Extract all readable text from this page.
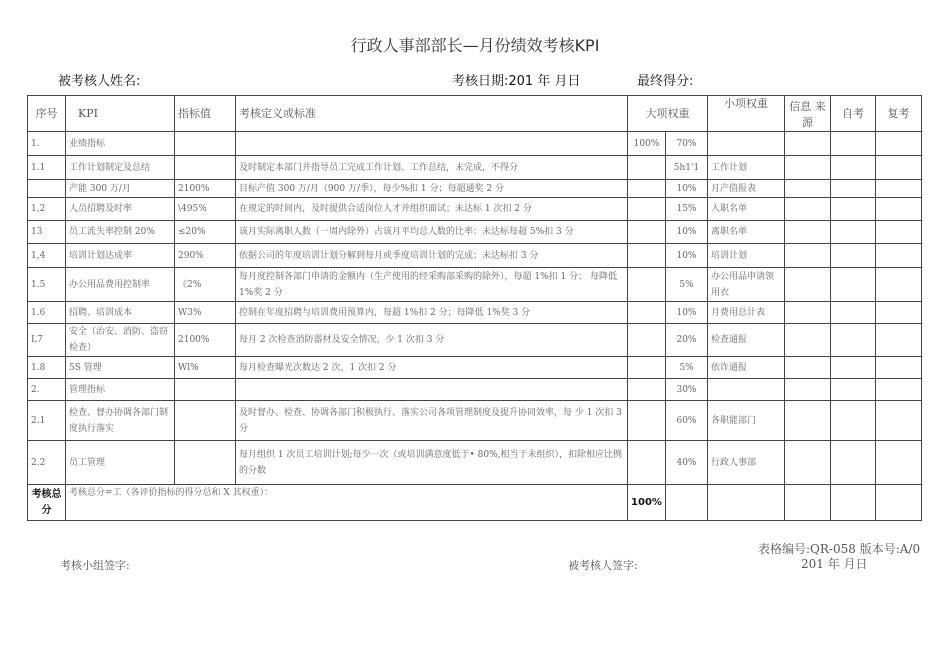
行政人事部部长—月份绩效考核KPI
被考核人姓名:	考核日期:201 年 月日	最终得分:
序号	KPI	指标值	考核定义或标准	大项权重		小项权重	信息 来源	自考	复考
1.	业绩指标			100%	70%				
1.1	工作计划制定及总结		及时制定本部门并指导员工完成工作计划、工作总结，未完成，不得分		5h1'1	工作计划			
	产能 300 万/月	2100%	目标产值 300 万/月（900 万/季），每少%扣 1 分；每超通奖 2 分		10%	月产值报表			
1,2	人员招聘及时率	\495%	在规定的时间内，及时提供合适岗位人才并组织面试；未达标 1 次扣 2 分		15%	入职名单			
13	员工流失率控制 20%	≤20%	该月实际离职人数（一周内除外）占该月平均总人数的比率；未达标每超 5%扣 3 分		10%	离职名单			
1,4	培训计划达成率	290%	依据公司的年度培训计划分解到每月或季度培训计划的完成；未达标扣 3 分		10%	培训计划			
1.5	办公用品费用控制率	《2%	每月度控制各部门申请的金额内（生产使用的经采购部采购的除外），每超 1%扣 1 分； 每降低 1%奖 2 分		5%	办公用品申请领用衣			
1.6	招聘、培训成本	W3%	控制在年度招聘与培训费用预算内，每超 1%扣 2 分；每降低 1%奖 3 分		10%	月费用总计表			
L7	安全（治安、消防、盗窃检查）	2100%	每月 2 次检查消防器材及安全情况，少 1 次扣 3 分		20%	检查通报			
1.8	5S 管理	Wl%	每月检查曝光次数达 2 次，1 次扣 2 分		5%	依诈通报			
2.	管理指标				30%				
2.1	检查、督办协调各部门制度执行落实		及时督办、检查、协调各部门积极执行、落实公司各项管理制度及提升协同效率，每 少 1 次扣 3 分		60%	各职能部门			
2.2	员工管理		每月组织 1 次员工培训计划;每少一次（或培训满意度低于• 80%,相当于未组织），扣除相应比例的分数		40%	行政人事部			
考核总分	考核总分=工（各评价指标的得分总和 X 其权重）：			100%					
表格编号:QR-058 版本号:A/0
201 年 月日
考核小组签字:	被考核人签字:
